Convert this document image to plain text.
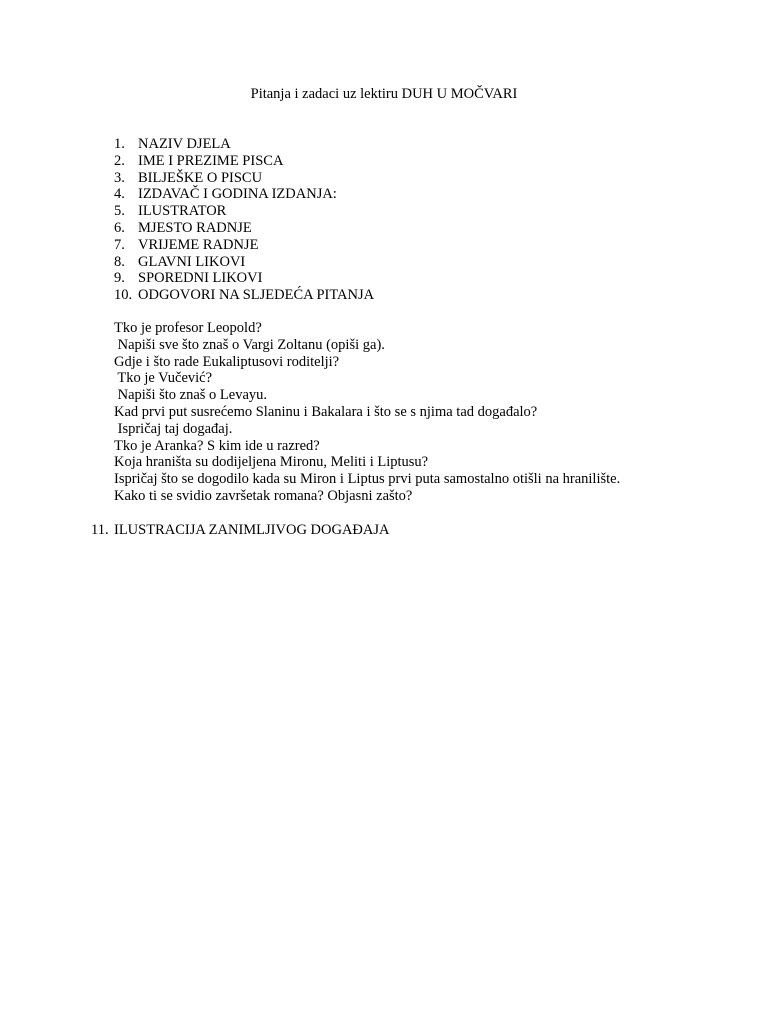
Pitanja i zadaci uz lektiru DUH U MOČVARI
1. NAZIV DJELA
2. IME I PREZIME PISCA
3. BILJEŠKE O PISCU
4. IZDAVAČ I GODINA IZDANJA:
5. ILUSTRATOR
6. MJESTO RADNJE
7. VRIJEME RADNJE
8. GLAVNI LIKOVI
9. SPOREDNI LIKOVI
10. ODGOVORI NA SLJEDEĆA PITANJA
Tko je profesor Leopold?
Napiši sve što znaš o Vargi Zoltanu (opiši ga).
Gdje i što rade Eukaliptusovi roditelji?
Tko je Vučević?
Napiši što znaš o Levayu.
Kad prvi put susrećemo Slaninu i Bakalara i što se s njima tad događalo?
Ispričaj taj događaj.
Tko je Aranka? S kim ide u razred?
Koja hraništa su dodijeljena Mironu, Meliti i Liptusu?
Ispričaj što se dogodilo kada su Miron i Liptus prvi puta samostalno otišli na hranilište.
Kako ti se svidio završetak romana? Objasni zašto?
11. ILUSTRACIJA ZANIMLJIVOG DOGAĐAJA
